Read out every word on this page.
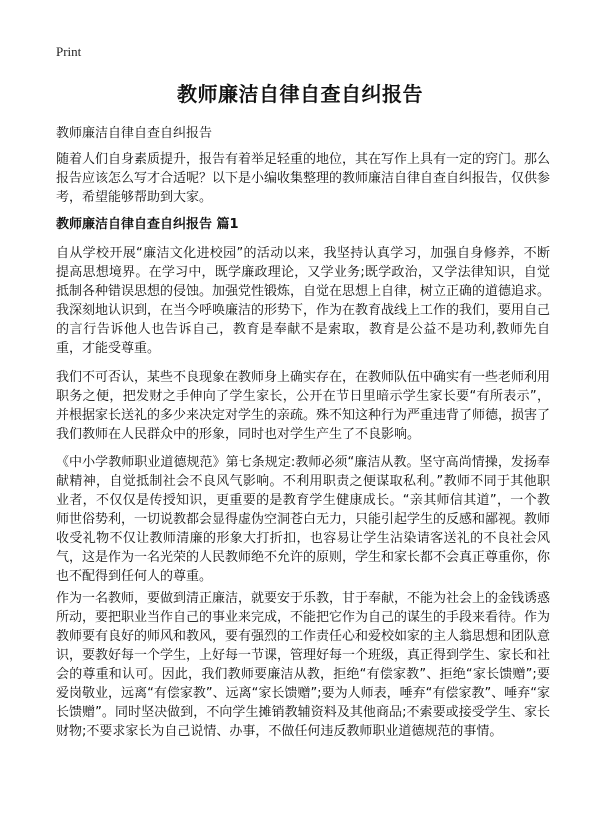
Print
教师廉洁自律自查自纠报告

教师廉洁自律自查自纠报告

随着人们自身素质提升，报告有着举足轻重的地位，其在写作上具有一定的窍门。那么报告应该怎么写才合适呢？以下是小编收集整理的教师廉洁自律自查自纠报告，仅供参考，希望能够帮助到大家。

教师廉洁自律自查自纠报告 篇1

自从学校开展“廉洁文化进校园”的活动以来，我坚持认真学习，加强自身修养，不断提高思想境界。在学习中，既学廉政理论，又学业务;既学政治，又学法律知识，自觉抵制各种错误思想的侵蚀。加强党性锻炼，自觉在思想上自律，树立正确的道德追求。我深刻地认识到，在当今呼唤廉洁的形势下，作为在教育战线上工作的我们，要用自己的言行告诉他人也告诉自己，教育是奉献不是索取，教育是公益不是功利,教师先自重，才能受尊重。

我们不可否认，某些不良现象在教师身上确实存在，在教师队伍中确实有一些老师利用职务之便，把发财之手伸向了学生家长，公开在节日里暗示学生家长要“有所表示”，并根据家长送礼的多少来决定对学生的亲疏。殊不知这种行为严重违背了师德，损害了我们教师在人民群众中的形象，同时也对学生产生了不良影响。

《中小学教师职业道德规范》第七条规定:教师必须“廉洁从教。坚守高尚情操，发扬奉献精神，自觉抵制社会不良风气影响。不利用职责之便谋取私利。”教师不同于其他职业者，不仅仅是传授知识，更重要的是教育学生健康成长。“亲其师信其道”，一个教师世俗势利，一切说教都会显得虚伪空洞苍白无力，只能引起学生的反感和鄙视。教师收受礼物不仅让教师清廉的形象大打折扣，也容易让学生沾染请客送礼的不良社会风气，这是作为一名光荣的人民教师绝不允许的原则，学生和家长都不会真正尊重你，你也不配得到任何人的尊重。

作为一名教师，要做到清正廉洁，就要安于乐教，甘于奉献，不能为社会上的金钱诱惑所动，要把职业当作自己的事业来完成，不能把它作为自己的谋生的手段来看待。作为教师要有良好的师风和教风，要有强烈的工作责任心和爱校如家的主人翁思想和团队意识，要教好每一个学生，上好每一节课，管理好每一个班级，真正得到学生、家长和社会的尊重和认可。因此，我们教师要廉洁从教，拒绝“有偿家教”、拒绝“家长馈赠”;要爱岗敬业，远离“有偿家教”、远离“家长馈赠”;要为人师表，唾弃“有偿家教”、唾弃“家长馈赠”。同时坚决做到，不向学生摊销教辅资料及其他商品;不索要或接受学生、家长财物;不要求家长为自己说情、办事，不做任何违反教师职业道德规范的事情。
